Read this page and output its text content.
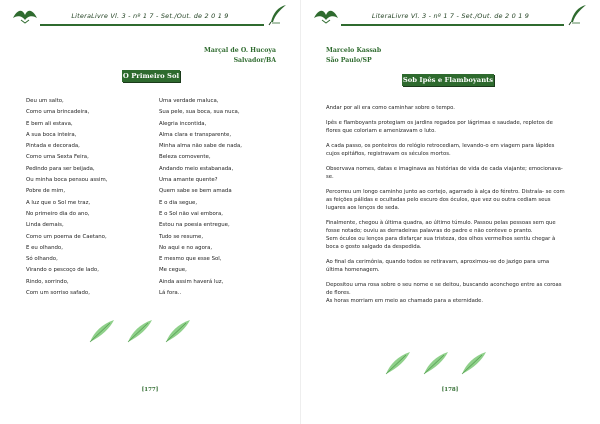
LiteraLivre Vl. 3 - nº 1 7 - Set./Out. de 2 0 1 9
Marçal de O. Hucoya
Salvador/BA
O Primeiro Sol
Deu um salto,
Como uma brincadeira,
E bem ali estava,
A sua boca inteira,
Pintada e decorada,
Como uma Sexta Feira,
Pedindo para ser beijada,
Ou minha boca pensou assim,
Pobre de mim,
A luz que o Sol me traz,
No primeiro dia do ano,
Linda demais,
Como um poema de Caetano,
E eu olhando,
Só olhando,
Virando o pescoço de lado,
Rindo, sorrindo,
Com um sorriso safado,
Uma verdade maluca,
Sua pele, sua boca, sua nuca,
Alegria incontida,
Alma clara e transparente,
Minha alma não sabe de nada,
Beleza comovente,
Andando meio estabanada,
Uma amante quente?
Quem sabe se bem amada
E o dia segue,
E o Sol não vai embora,
Estou na poesia entregue,
Tudo se resume,
No aqui e no agora,
E mesmo que esse Sol,
Me cegue,
Ainda assim haverá luz,
Lá fora..
[177]
LiteraLivre Vl. 3 - nº 1 7 - Set./Out. de 2 0 1 9
Marcelo Kassab
São Paulo/SP
Sob Ipês e Flamboyants
Andar por ali era como caminhar sobre o tempo.
Ipês e flamboyants protegiam os jardins regados por lágrimas e saudade, repletos de flores que coloriam e amenizavam o luto.
A cada passo, os ponteiros do relógio retrocediam, levando-o em viagem para lápides cujos epitáfios, registravam os séculos mortos.
Observava nomes, datas e imaginava as histórias de vida de cada viajante; emocionava-se.
Percorreu um longo caminho junto ao cortejo, agarrado à alça do féretro. Distraía- se com as feições pálidas e ocultadas pelo escuro dos óculos, que vez ou outra cediam seus lugares aos lenços de seda.
Finalmente, chegou à última quadra, ao último túmulo. Passou pelas pessoas sem que fosse notado; ouviu as derradeiras palavras do padre e não conteve o pranto.
Sem óculos ou lenços para disfarçar sua tristeza, dos olhos vermelhos sentiu chegar à boca o gosto salgado da despedida.
Ao final da cerimônia, quando todos se retiravam, aproximou-se do jazigo para uma última homenagem.
Depositou uma rosa sobre o seu nome e se deitou, buscando aconchego entre as coroas de flores.
As horas morriam em meio ao chamado para a eternidade.
[178]
